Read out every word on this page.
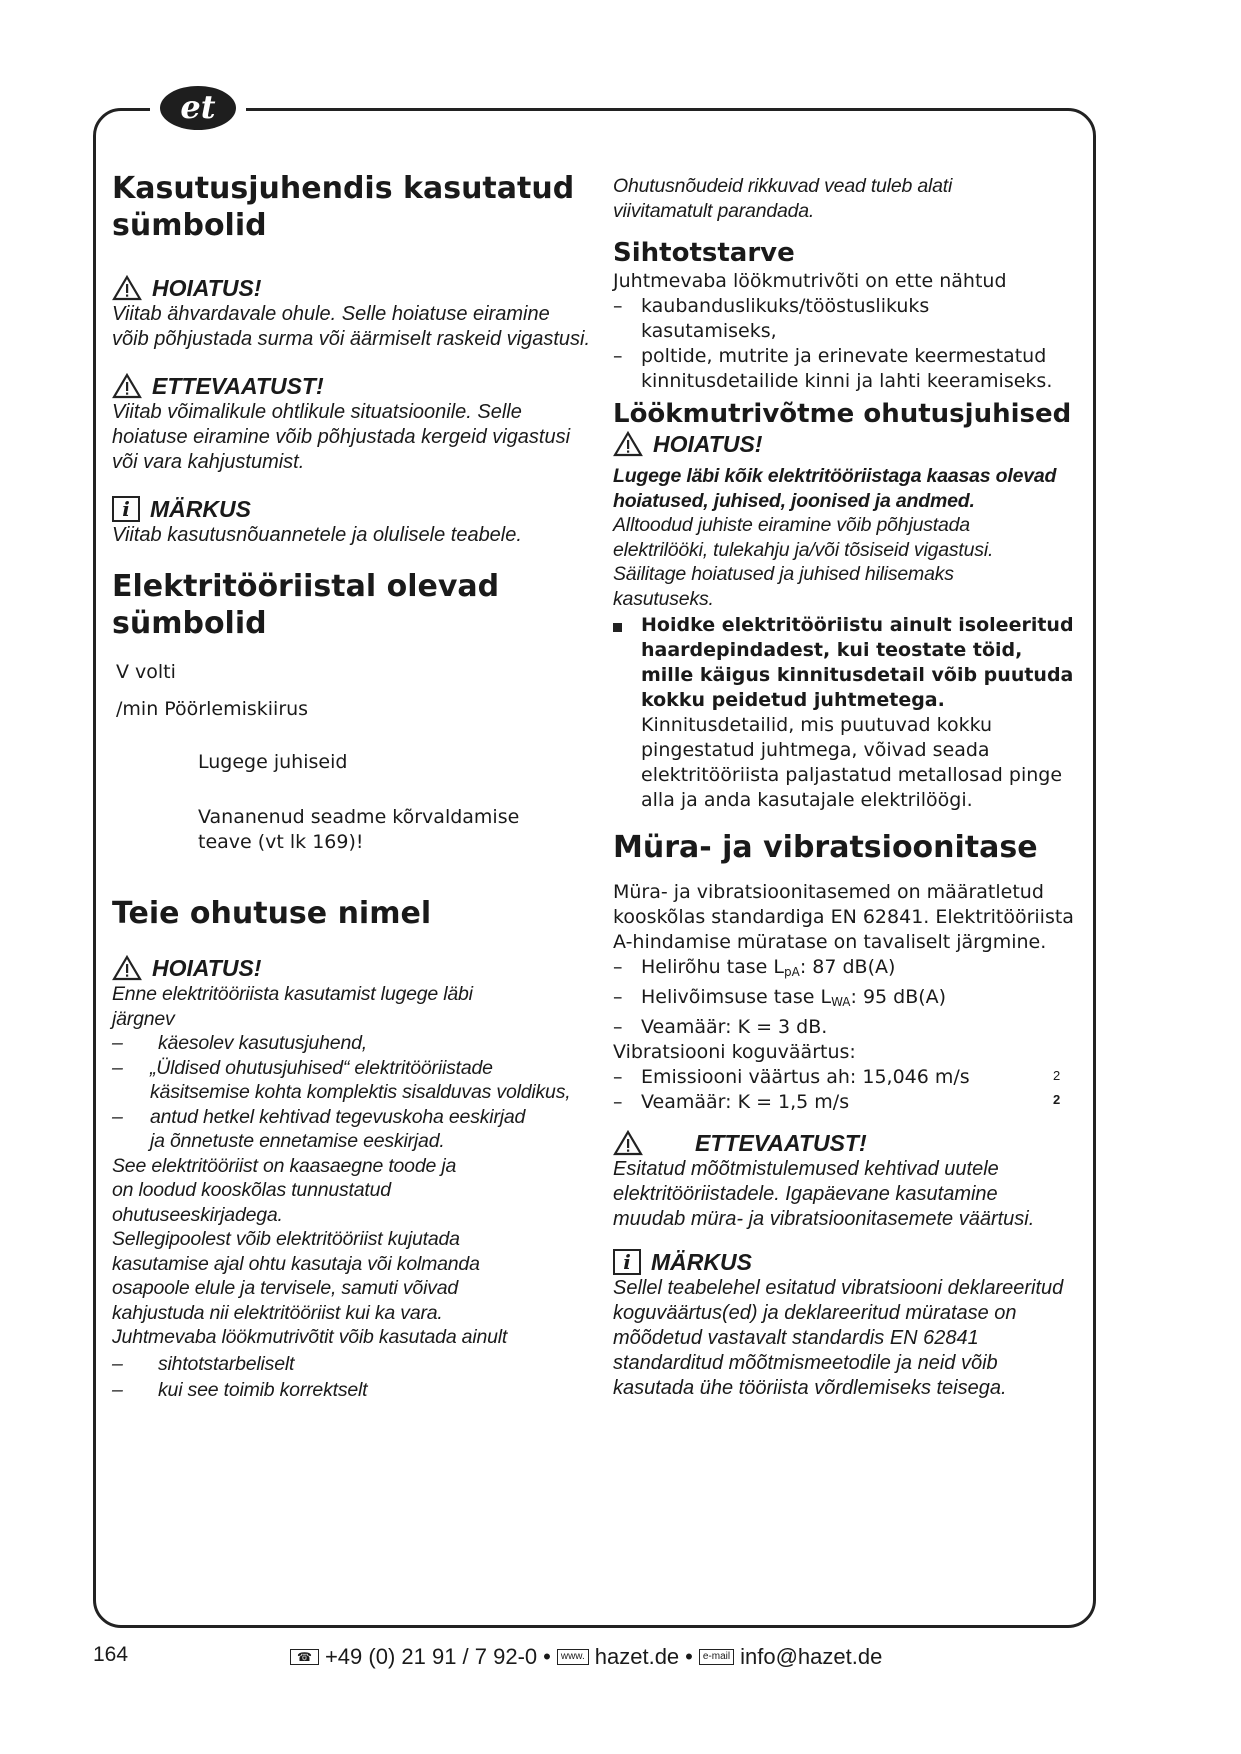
et
Kasutusjuhendis kasutatud sümbolid
HOIATUS!
Viitab ähvardavale ohule. Selle hoiatuse eiramine võib põhjustada surma või äärmiselt raskeid vigastusi.
ETTEVAATUST!
Viitab võimalikule ohtlikule situatsioonile. Selle hoiatuse eiramine võib põhjustada kergeid vigastusi või vara kahjustumist.
i MÄRKUS
Viitab kasutusnõuannetele ja olulisele teabele.
Elektritööriistal olevad sümbolid
V volti
/min Pöörlemiskiirus
Lugege juhiseid
Vananenud seadme kõrvaldamise teave (vt lk 169)!
Teie ohutuse nimel
HOIATUS!
Enne elektritööriista kasutamist lugege läbi järgnev
–	käesolev kasutusjuhend,
–	„Üldised ohutusjuhised“ elektritööriistade käsitsemise kohta komplektis sisalduvas voldikus,
–	antud hetkel kehtivad tegevuskoha eeskirjad ja õnnetuste ennetamise eeskirjad.
See elektritööriist on kaasaegne toode ja on loodud kooskõlas tunnustatud ohutuseeskirjadega.
Sellegipoolest võib elektritööriist kujutada kasutamise ajal ohtu kasutaja või kolmanda osapoole elule ja tervisele, samuti võivad kahjustuda nii elektritööriist kui ka vara.
Juhtmevaba löökmutrivõtit võib kasutada ainult
–	sihtotstarbeliselt
–	kui see toimib korrektselt
Ohutusnõudeid rikkuvad vead tuleb alati viivitamatult parandada.
Sihtotstarve
Juhtmevaba löökmutrivõti on ette nähtud
– kaubanduslikuks/tööstuslikuks kasutamiseks,
– poltide, mutrite ja erinevate keermestatud kinnitusdetailide kinni ja lahti keeramiseks.
Löökmutrivõtme ohutusjuhised
HOIATUS!
Lugege läbi kõik elektritööriistaga kaasas olevad hoiatused, juhised, joonised ja andmed.
Alltoodud juhiste eiramine võib põhjustada elektrilööki, tulekahju ja/või tõsiseid vigastusi. Säilitage hoiatused ja juhised hilisemaks kasutuseks.
Hoidke elektritööriistu ainult isoleeritud haardepindadest, kui teostate töid, mille käigus kinnitusdetail võib puutuda kokku peidetud juhtmetega. Kinnitusdetailid, mis puutuvad kokku pingestatud juhtmega, võivad seada elektritööriista paljastatud metallosad pinge alla ja anda kasutajale elektrilöögi.
Müra- ja vibratsioonitase
Müra- ja vibratsioonitasemed on määratletud kooskõlas standardiga EN 62841. Elektritööriista A-hindamise müratase on tavaliselt järgmine.
– Helirõhu tase $L_{pA}$: 87 dB(A)
– Helivõimsuse tase $L_{WA}$: 95 dB(A)
– Veamäär: K = 3 dB.
Vibratsiooni koguväärtus:
– Emissiooni väärtus ah: 15,046 m/s
– Veamäär: K = 1,5 m/s
2
2
ETTEVAATUST!
Esitatud mõõtmistulemused kehtivad uutele elektritööriistadele. Igapäevane kasutamine muudab müra- ja vibratsioonitasemete väärtusi.
i MÄRKUS
Sellel teabelehel esitatud vibratsiooni deklareeritud koguväärtus(ed) ja deklareeritud müratase on mõõdetud vastavalt standardis EN 62841 standarditud mõõtmismeetodile ja neid võib kasutada ühe tööriista võrdlemiseks teisega.
164	☎ +49 (0) 21 91 / 7 92-0 •	www. hazet.de •	e-mail info@hazet.de
